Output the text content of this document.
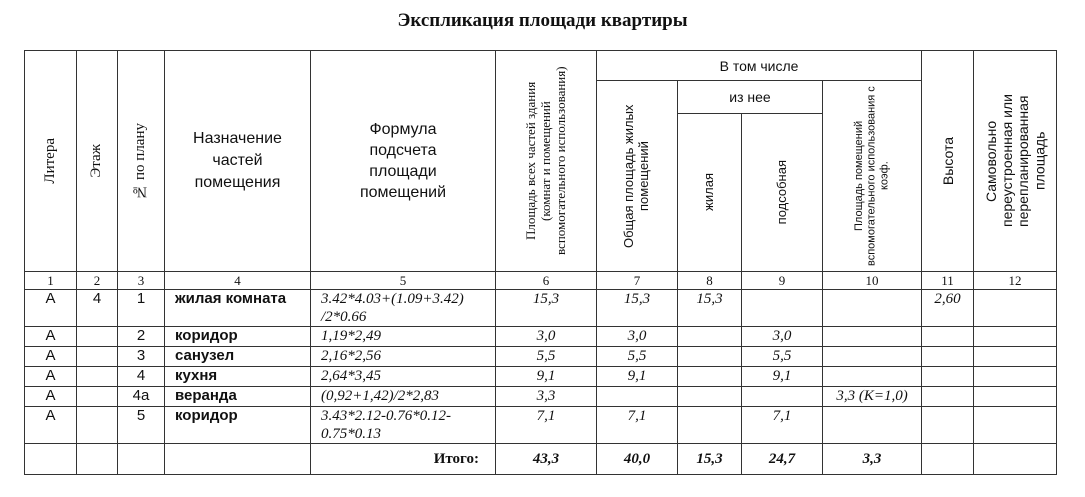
Экспликация площади квартиры
Литера	Этаж	№ по плану	Назначение частей помещения	Формула подсчета площади помещений	Площадь всех частей здания (комнат и помещений вспомогательного использования)	В том числе				Высота	Самовольно переустроенная или перепланированная площадь

						Общая площадь жилых помещений	из нее		Площадь помещений вспомогательного использования с коэф.		

							жилая	подсобная			

1	2	3	4	5	6	7	8	9	10	11	12
А	4	1	жилая комната	3.42*4.03+(1.09+3.42) /2*0.66	15,3	15,3	15,3			2,60	
А		2	коридор	1,19*2,49	3,0	3,0		3,0			
А		3	санузел	2,16*2,56	5,5	5,5		5,5			
А		4	кухня	2,64*3,45	9,1	9,1		9,1			
А		4а	веранда	(0,92+1,42)/2*2,83	3,3				3,3 (К=1,0)		
А		5	коридор	3.43*2.12-0.76*0.12- 0.75*0.13	7,1	7,1		7,1			
				Итого:	43,3	40,0	15,3	24,7	3,3		
